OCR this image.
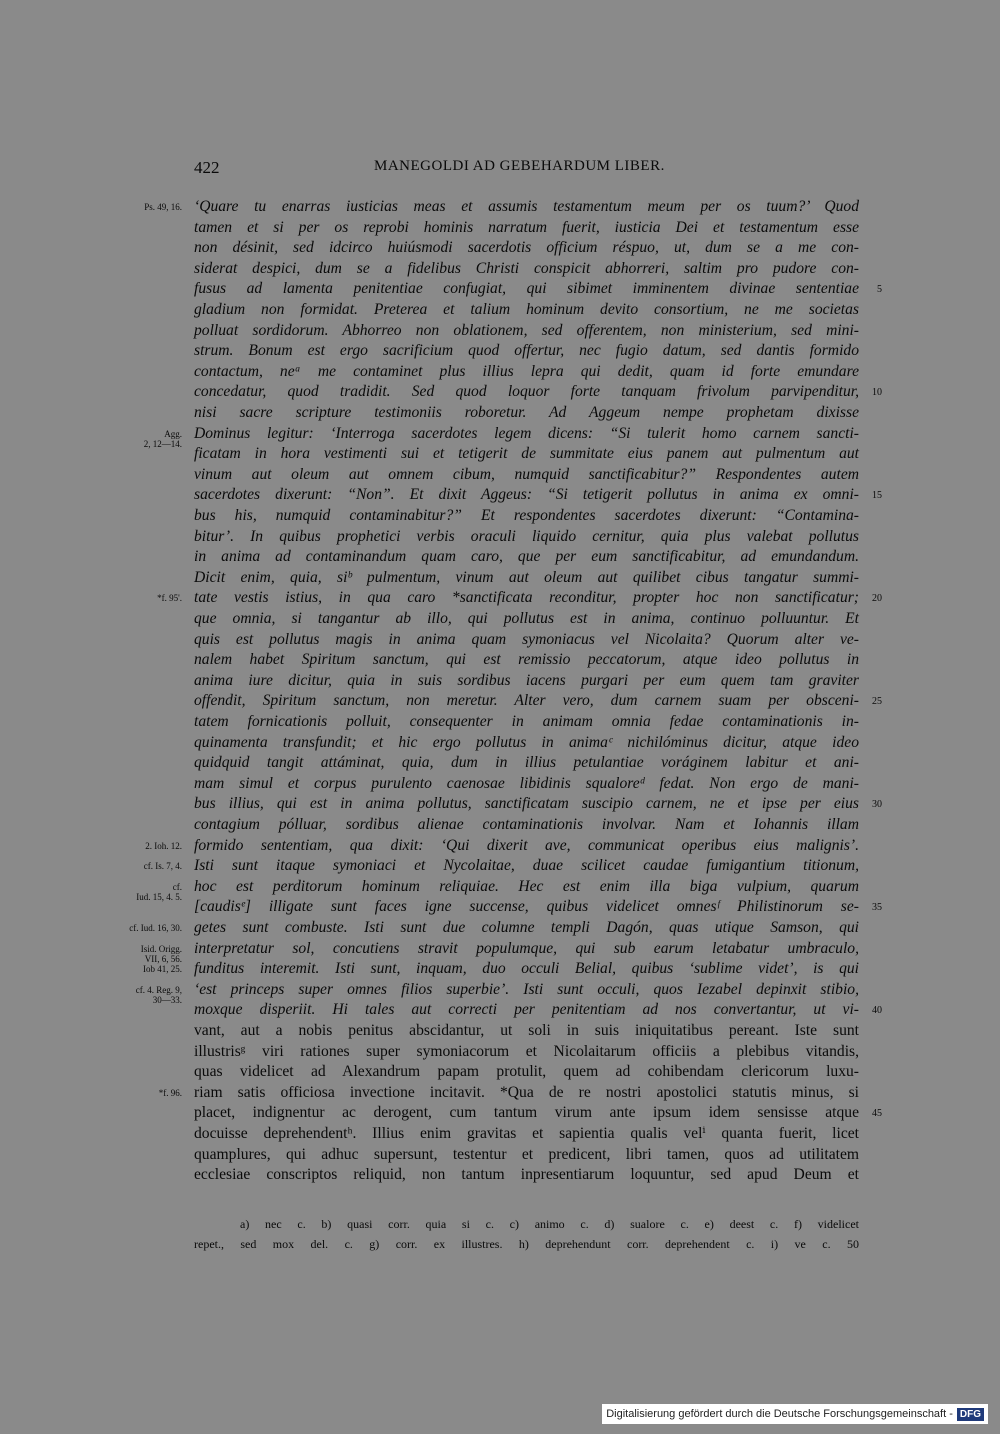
422	MANEGOLDI AD GEBEHARDUM LIBER.
‘Quare tu enarras iusticias meas et assumis testamentum meum per os tuum?’ Quod
tamen et si per os reprobi hominis narratum fuerit, iusticia Dei et testamentum esse
non désinit, sed idcirco huiúsmodi sacerdotis officium réspuo, ut, dum se a me con-
siderat despici, dum se a fidelibus Christi conspicit abhorreri, saltim pro pudore con-
fusus ad lamenta penitentiae confugiat, qui sibimet imminentem divinae sententiae
gladium non formidat. Preterea et talium hominum devito consortium, ne me societas
polluat sordidorum. Abhorreo non oblationem, sed offerentem, non ministerium, sed mini-
strum. Bonum est ergo sacrificium quod offertur, nec fugio datum, sed dantis formido
contactum, neᵃ me contaminet plus illius lepra qui dedit, quam id forte emundare
concedatur, quod tradidit. Sed quod loquor forte tanquam frivolum parvipenditur,
nisi sacre scripture testimoniis roboretur. Ad Aggeum nempe prophetam dixisse
Dominus legitur: ‘Interroga sacerdotes legem dicens: “Si tulerit homo carnem sancti-
ficatam in hora vestimenti sui et tetigerit de summitate eius panem aut pulmentum aut
vinum aut oleum aut omnem cibum, numquid sanctificabitur?” Respondentes autem
sacerdotes dixerunt: “Non”. Et dixit Aggeus: “Si tetigerit pollutus in anima ex omni-
bus his, numquid contaminabitur?” Et respondentes sacerdotes dixerunt: “Contamina-
bitur’. In quibus prophetici verbis oraculi liquido cernitur, quia plus valebat pollutus
in anima ad contaminandum quam caro, que per eum sanctificabitur, ad emundandum.
Dicit enim, quia, siᵇ pulmentum, vinum aut oleum aut quilibet cibus tangatur summi-
tate vestis istius, in qua caro *sanctificata reconditur, propter hoc non sanctificatur;
que omnia, si tangantur ab illo, qui pollutus est in anima, continuo polluuntur. Et
quis est pollutus magis in anima quam symoniacus vel Nicolaita? Quorum alter ve-
nalem habet Spiritum sanctum, qui est remissio peccatorum, atque ideo pollutus in
anima iure dicitur, quia in suis sordibus iacens purgari per eum quem tam graviter
offendit, Spiritum sanctum, non meretur. Alter vero, dum carnem suam per obsceni-
tatem fornicationis polluit, consequenter in animam omnia fedae contaminationis in-
quinamenta transfundit; et hic ergo pollutus in animaᶜ nichilóminus dicitur, atque ideo
quidquid tangit attáminat, quia, dum in illius petulantiae voráginem labitur et ani-
mam simul et corpus purulento caenosae libidinis squaloreᵈ fedat. Non ergo de mani-
bus illius, qui est in anima pollutus, sanctificatam suscipio carnem, ne et ipse per eius
contagium pólluar, sordibus alienae contaminationis involvar. Nam et Iohannis illam
formido sententiam, qua dixit: ‘Qui dixerit ave, communicat operibus eius malignis’.
Isti sunt itaque symoniaci et Nycolaitae, duae scilicet caudae fumigantium titionum,
hoc est perditorum hominum reliquiae. Hec est enim illa biga vulpium, quarum
[caudisᵉ] illigate sunt faces igne succense, quibus videlicet omnesᶠ Philistinorum se-
getes sunt combuste. Isti sunt due columne templi Dagón, quas utique Samson, qui
interpretatur sol, concutiens stravit populumque, qui sub earum letabatur umbraculo,
funditus interemit. Isti sunt, inquam, duo occuli Belial, quibus ‘sublime videt’, is qui
‘est princeps super omnes filios superbie’. Isti sunt occuli, quos Iezabel depinxit stibio,
moxque disperiit. Hi tales aut correcti per penitentiam ad nos convertantur, ut vi-
vant, aut a nobis penitus abscidantur, ut soli in suis iniquitatibus pereant. Iste sunt
illustrisᵍ viri rationes super symoniacorum et Nicolaitarum officiis a plebibus vitandis,
quas videlicet ad Alexandrum papam protulit, quem ad cohibendam clericorum luxu-
riam satis officiosa invectione incitavit. *Qua de re nostri apostolici statutis minus, si
placet, indignentur ac derogent, cum tantum virum ante ipsum idem sensisse atque
docuisse deprehendentʰ. Illius enim gravitas et sapientia qualis velⁱ quanta fuerit, licet
quamplures, qui adhuc supersunt, testentur et predicent, libri tamen, quos ad utilitatem
ecclesiae conscriptos reliquid, non tantum inpresentiarum loquuntur, sed apud Deum et
Ps. 49, 16.
Agg.
2, 12—14.
*f. 95'.
2. Ioh. 12.
cf. Is. 7, 4.
cf.
Iud. 15, 4. 5.
cf. Iud. 16, 30.
Isid. Origg.
VII, 6, 56.
Iob 41, 25.
cf. 4. Reg. 9,
30—33.
*f. 96.
5
10
15
20
25
30
35
40
45
a) nec c. b) quasi corr. quia si c. c) animo c. d) sualore c. e) deest c. f) videlicet
repet., sed mox del. c. g) corr. ex illustres. h) deprehendunt corr. deprehendent c. i) ve c. 50
Digitalisierung gefördert durch die Deutsche Forschungsgemeinschaft - DFG
